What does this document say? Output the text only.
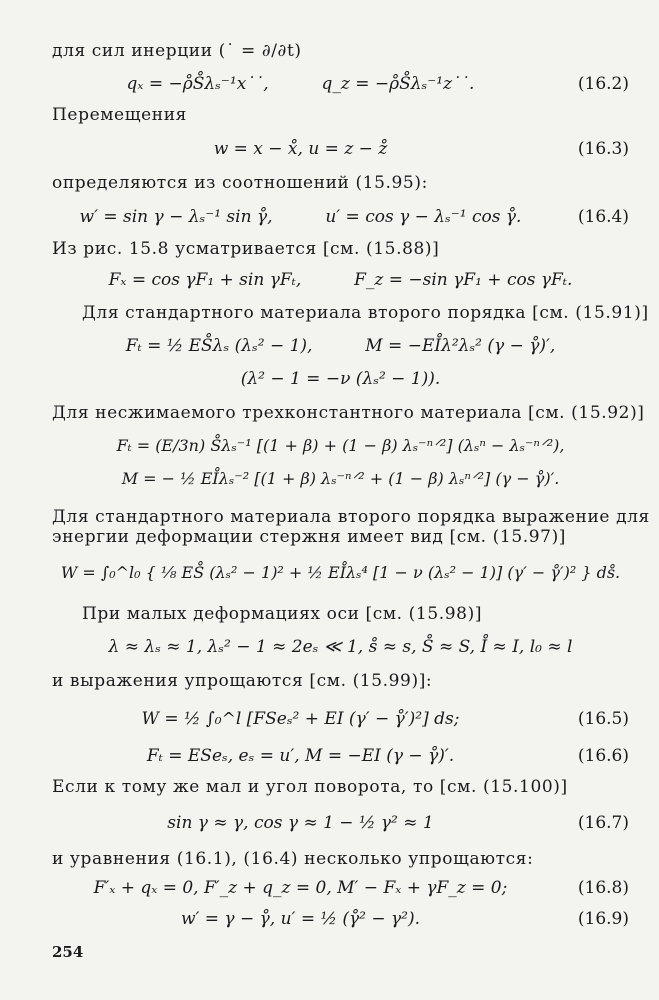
для сил инерции (˙ = ∂/∂t)
qₓ = −ρ̊S̊λₛ⁻¹x˙˙,	q_z = −ρ̊S̊λₛ⁻¹z˙˙.	(16.2)
Перемещения
w = x − x̊, u = z − z̊	(16.3)
определяются из соотношений (15.95):
w′ = sin γ − λₛ⁻¹ sin γ̊,	u′ = cos γ − λₛ⁻¹ cos γ̊.	(16.4)
Из рис. 15.8 усматривается [см. (15.88)]
Fₓ = cos γF₁ + sin γFₜ,	F_z = −sin γF₁ + cos γFₜ.
Для стандартного материала второго порядка [см. (15.91)]
Fₜ = ½ ES̊λₛ (λₛ² − 1),	M = −EI̊λ²λₛ² (γ − γ̊)′,
(λ² − 1 = −ν (λₛ² − 1)).
Для несжимаемого трехконстантного материала [см. (15.92)]
Fₜ = (E/3n) S̊λₛ⁻¹ [(1 + β) + (1 − β) λₛ⁻ⁿᐟ²] (λₛⁿ − λₛ⁻ⁿᐟ²),
M = − ½ EI̊λₛ⁻² [(1 + β) λₛ⁻ⁿᐟ² + (1 − β) λₛⁿᐟ²] (γ − γ̊)′.
Для стандартного материала второго порядка выражение для
энергии деформации стержня имеет вид [см. (15.97)]
W = ∫₀^l₀ { ⅛ ES̊ (λₛ² − 1)² + ½ EI̊λₛ⁴ [1 − ν (λₛ² − 1)] (γ′ − γ̊′)² } ds̊.
При малых деформациях оси [см. (15.98)]
λ ≈ λₛ ≈ 1, λₛ² − 1 ≈ 2eₛ ≪ 1, s̊ ≈ s, S̊ ≈ S, I̊ ≈ I, l₀ ≈ l
и выражения упрощаются [см. (15.99)]:
W = ½ ∫₀^l [FSeₛ² + EI (γ′ − γ̊′)²] ds;	(16.5)
Fₜ = ESeₛ, eₛ = u′, M = −EI (γ − γ̊)′.	(16.6)
Если к тому же мал и угол поворота, то [см. (15.100)]
sin γ ≈ γ, cos γ ≈ 1 − ½ γ² ≈ 1	(16.7)
и уравнения (16.1), (16.4) несколько упрощаются:
F′ₓ + qₓ = 0, F′_z + q_z = 0, M′ − Fₓ + γF_z = 0;	(16.8)
w′ = γ − γ̊, u′ = ½ (γ̊² − γ²).	(16.9)
254
